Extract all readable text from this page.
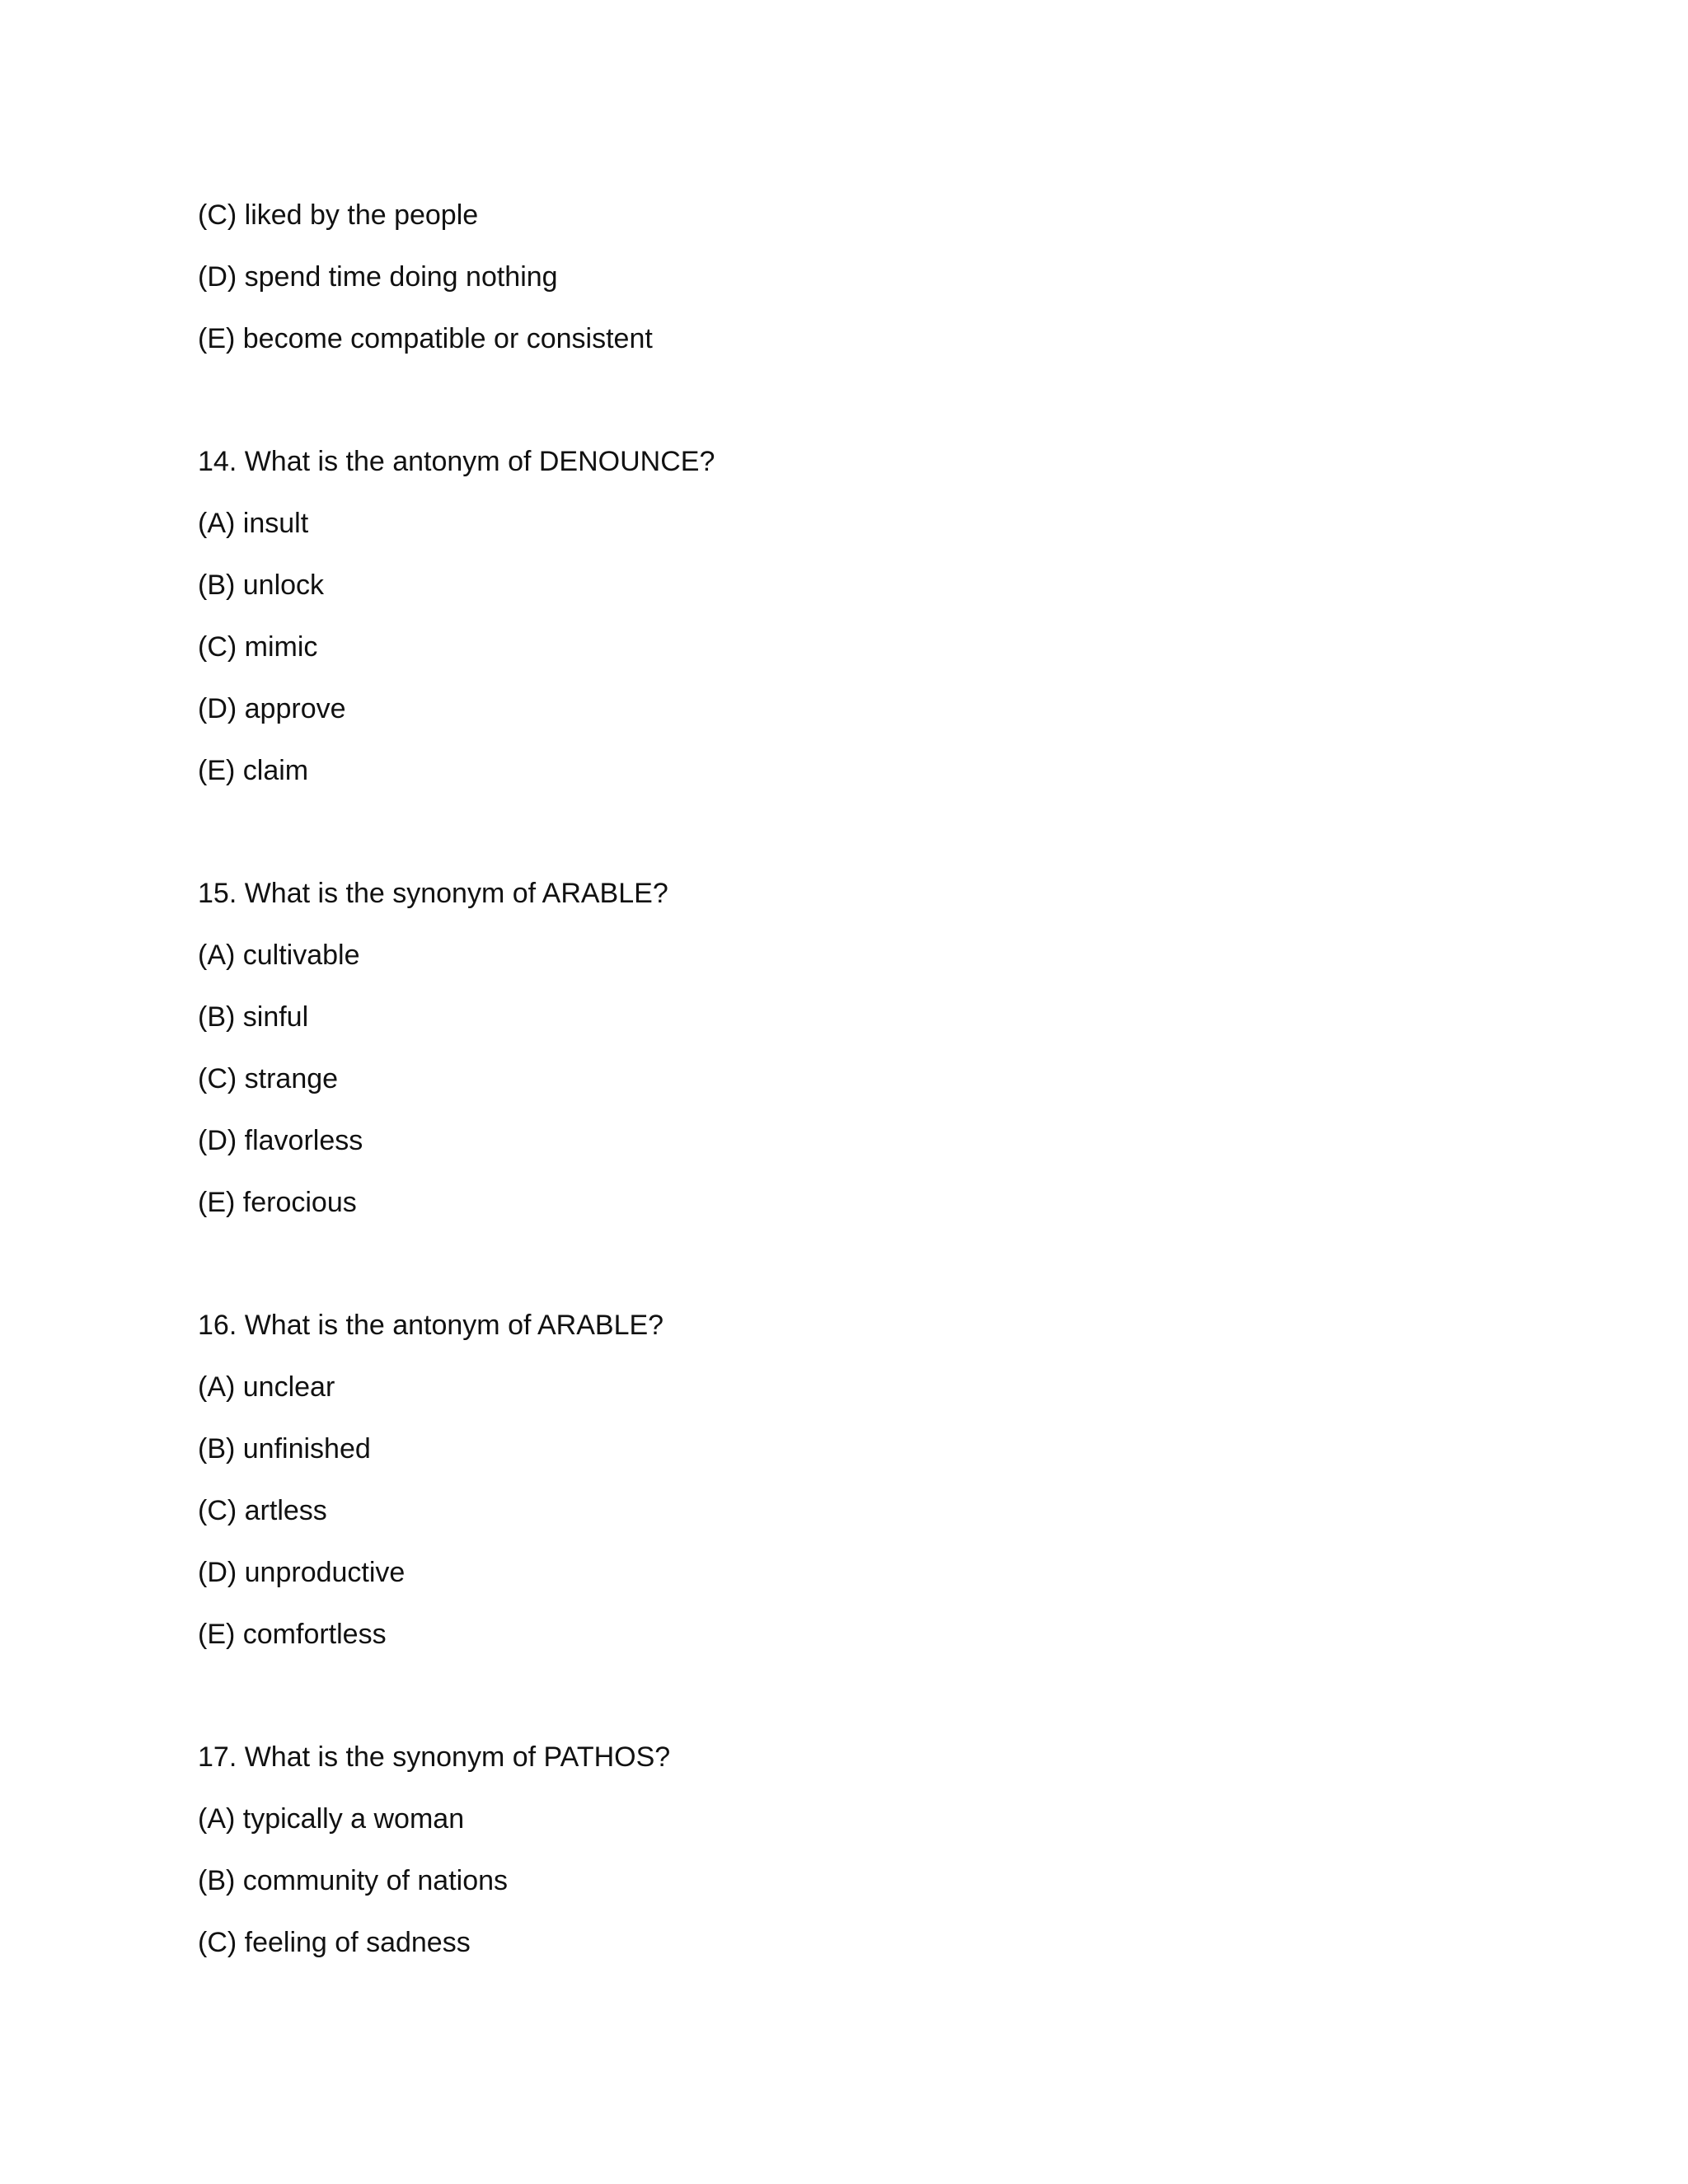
(C) liked by the people
(D) spend time doing nothing
(E) become compatible or consistent
14. What is the antonym of DENOUNCE?
(A) insult
(B) unlock
(C) mimic
(D) approve
(E) claim
15. What is the synonym of ARABLE?
(A) cultivable
(B) sinful
(C) strange
(D) flavorless
(E) ferocious
16. What is the antonym of ARABLE?
(A) unclear
(B) unfinished
(C) artless
(D) unproductive
(E) comfortless
17. What is the synonym of PATHOS?
(A) typically a woman
(B) community of nations
(C) feeling of sadness
